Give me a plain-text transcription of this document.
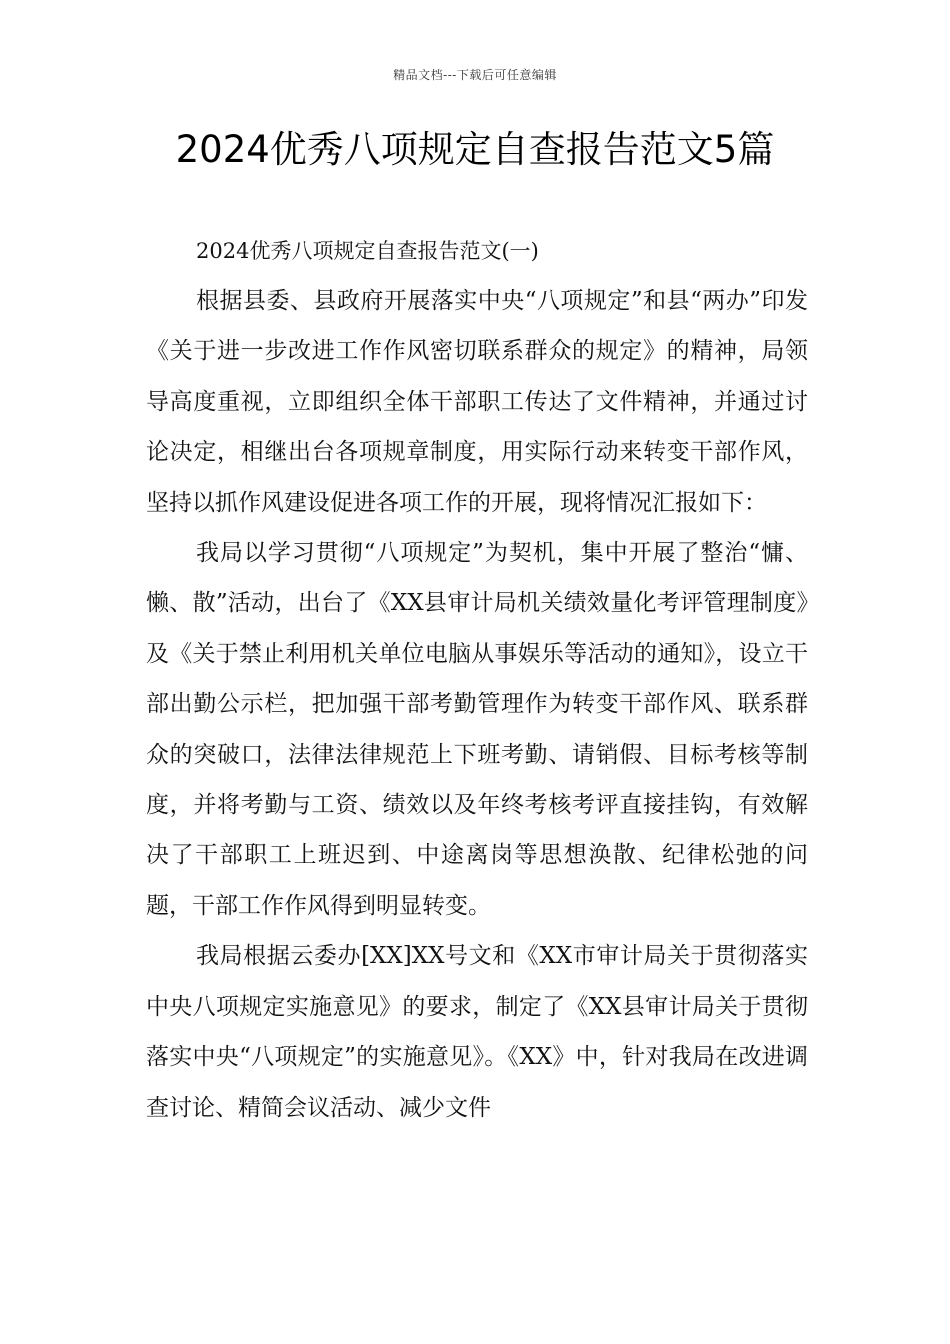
精品文档---下载后可任意编辑
2024优秀八项规定自查报告范文5篇

2024优秀八项规定自查报告范文(一)

根据县委、县政府开展落实中央“八项规定”和县“两办”印发《关于进一步改进工作作风密切联系群众的规定》的精神，局领导高度重视，立即组织全体干部职工传达了文件精神，并通过讨论决定，相继出台各项规章制度，用实际行动来转变干部作风，坚持以抓作风建设促进各项工作的开展，现将情况汇报如下：

我局以学习贯彻“八项规定”为契机，集中开展了整治“慵、懒、散”活动，出台了《XX县审计局机关绩效量化考评管理制度》及《关于禁止利用机关单位电脑从事娱乐等活动的通知》，设立干部出勤公示栏，把加强干部考勤管理作为转变干部作风、联系群众的突破口，法律法律规范上下班考勤、请销假、目标考核等制度，并将考勤与工资、绩效以及年终考核考评直接挂钩，有效解决了干部职工上班迟到、中途离岗等思想涣散、纪律松弛的问题，干部工作作风得到明显转变。

我局根据云委办[XX]XX号文和《XX市审计局关于贯彻落实中央八项规定实施意见》的要求，制定了《XX县审计局关于贯彻落实中央“八项规定”的实施意见》。《XX》中，针对我局在改进调查讨论、精简会议活动、减少文件
